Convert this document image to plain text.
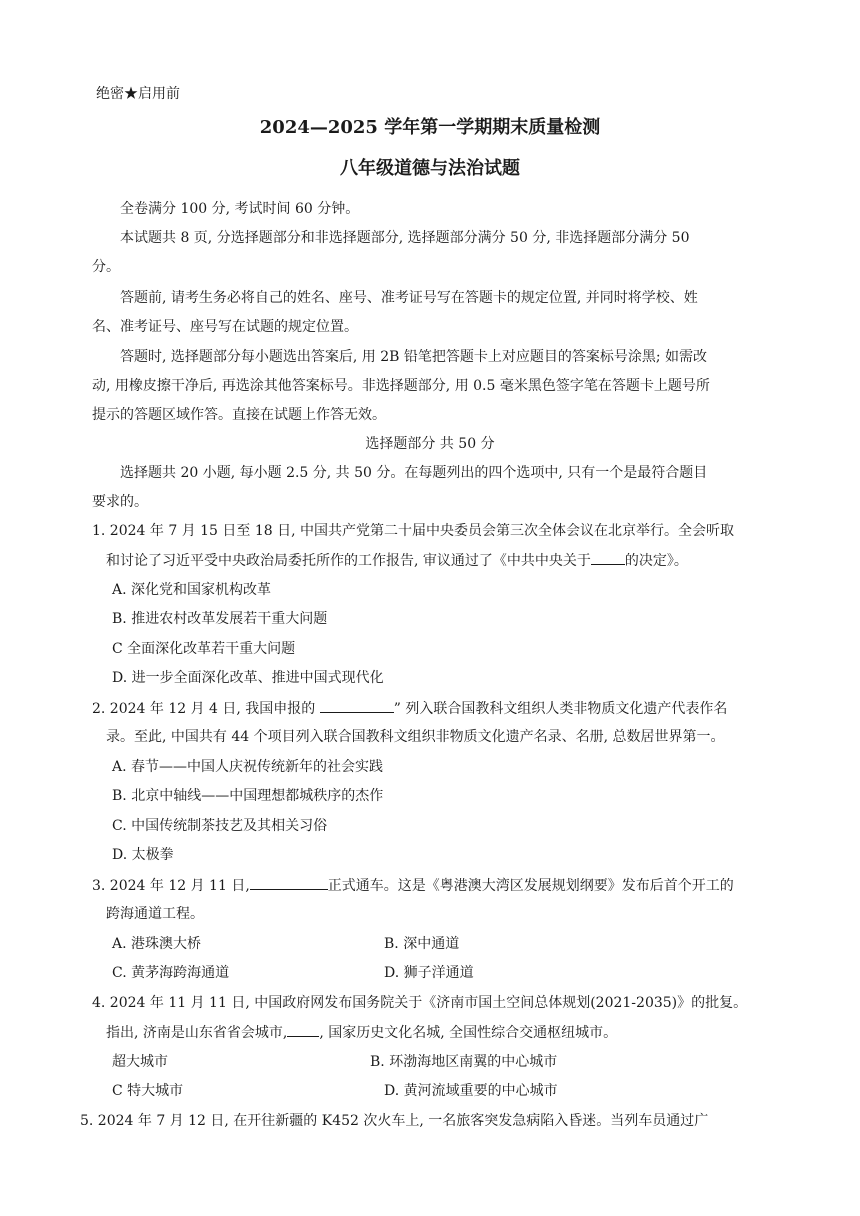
绝密★启用前
2024—2025 学年第一学期期末质量检测
八年级道德与法治试题
全卷满分 100 分, 考试时间 60 分钟。
本试题共 8 页, 分选择题部分和非选择题部分, 选择题部分满分 50 分, 非选择题部分满分 50
分。
答题前, 请考生务必将自己的姓名、座号、准考证号写在答题卡的规定位置, 并同时将学校、姓
名、准考证号、座号写在试题的规定位置。
答题时, 选择题部分每小题选出答案后, 用 2B 铅笔把答题卡上对应题目的答案标号涂黑; 如需改
动, 用橡皮擦干净后, 再选涂其他答案标号。非选择题部分, 用 0.5 毫米黑色签字笔在答题卡上题号所
提示的答题区域作答。直接在试题上作答无效。
选择题部分 共 50 分
选择题共 20 小题, 每小题 2.5 分, 共 50 分。在每题列出的四个选项中, 只有一个是最符合题目
要求的。
1. 2024 年 7 月 15 日至 18 日, 中国共产党第二十届中央委员会第三次全体会议在北京举行。全会听取
和讨论了习近平受中央政治局委托所作的工作报告, 审议通过了《中共中央关于 的决定》。
A. 深化党和国家机构改革
B. 推进农村改革发展若干重大问题
C 全面深化改革若干重大问题
D. 进一步全面深化改革、推进中国式现代化
2. 2024 年 12 月 4 日, 我国申报的	” 列入联合国教科文组织人类非物质文化遗产代表作名
录。至此, 中国共有 44 个项目列入联合国教科文组织非物质文化遗产名录、名册, 总数居世界第一。
A. 春节——中国人庆祝传统新年的社会实践
B. 北京中轴线——中国理想都城秩序的杰作
C. 中国传统制茶技艺及其相关习俗
D. 太极拳
3. 2024 年 12 月 11 日,	正式通车。这是《粤港澳大湾区发展规划纲要》发布后首个开工的
跨海通道工程。
A. 港珠澳大桥	B. 深中通道
C. 黄茅海跨海通道	D. 狮子洋通道
4. 2024 年 11 月 11 日, 中国政府网发布国务院关于《济南市国土空间总体规划(2021-2035)》的批复。
指出, 济南是山东省省会城市, , 国家历史文化名城, 全国性综合交通枢纽城市。
超大城市	B. 环渤海地区南翼的中心城市
C 特大城市	D. 黄河流域重要的中心城市
5. 2024 年 7 月 12 日, 在开往新疆的 K452 次火车上, 一名旅客突发急病陷入昏迷。当列车员通过广
